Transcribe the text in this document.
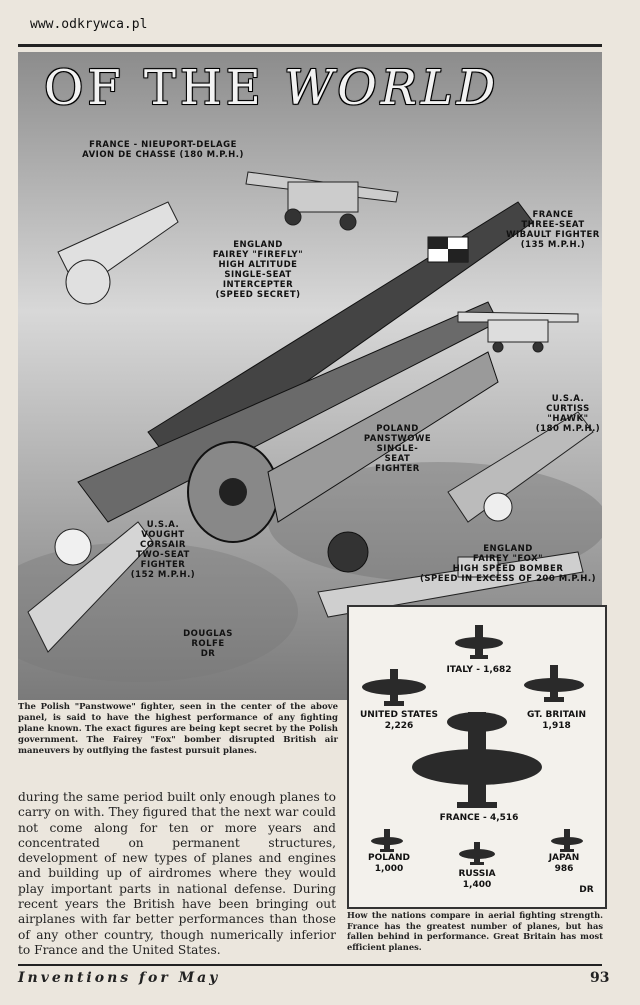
www.odkrywca.pl
OF THE WORLD
FRANCE - NIEUPORT-DELAGE
AVION DE CHASSE (180 M.P.H.)
ENGLAND
FAIREY "FIREFLY"
HIGH ALTITUDE
SINGLE-SEAT
INTERCEPTER
(SPEED SECRET)
FRANCE
THREE-SEAT
WIBAULT FIGHTER
(135 M.P.H.)
U.S.A.
CURTISS
"HAWK"
(180 M.P.H.)
POLAND
PANSTWOWE
SINGLE-
SEAT
FIGHTER
U.S.A.
VOUGHT
CORSAIR
TWO-SEAT
FIGHTER
(152 M.P.H.)
ENGLAND
FAIREY "FOX"
HIGH SPEED BOMBER
(SPEED IN EXCESS OF 200 M.P.H.)
DOUGLAS
ROLFE
DR
ITALY - 1,682
UNITED STATES
2,226
GT. BRITAIN
1,918
FRANCE - 4,516
POLAND
1,000	RUSSIA
1,400
JAPAN
986
DR
The Polish "Panstwowe" fighter, seen in the center of the above panel, is said to have the highest performance of any fighting plane known. The exact figures are being kept secret by the Polish government. The Fairey "Fox" bomber disrupted British air maneuvers by outflying the fastest pursuit planes.
during the same period built only enough planes to carry on with. They figured that the next war could not come along for ten or more years and concentrated on permanent structures, development of new types of planes and engines and building up of airdromes where they would play important parts in national defense. During recent years the British have been bringing out airplanes with far better performances than those of any other country, though numerically inferior to France and the United States.
How the nations compare in aerial fighting strength. France has the greatest number of planes, but has fallen behind in performance. Great Britain has most efficient planes.
Inventions for May	93
